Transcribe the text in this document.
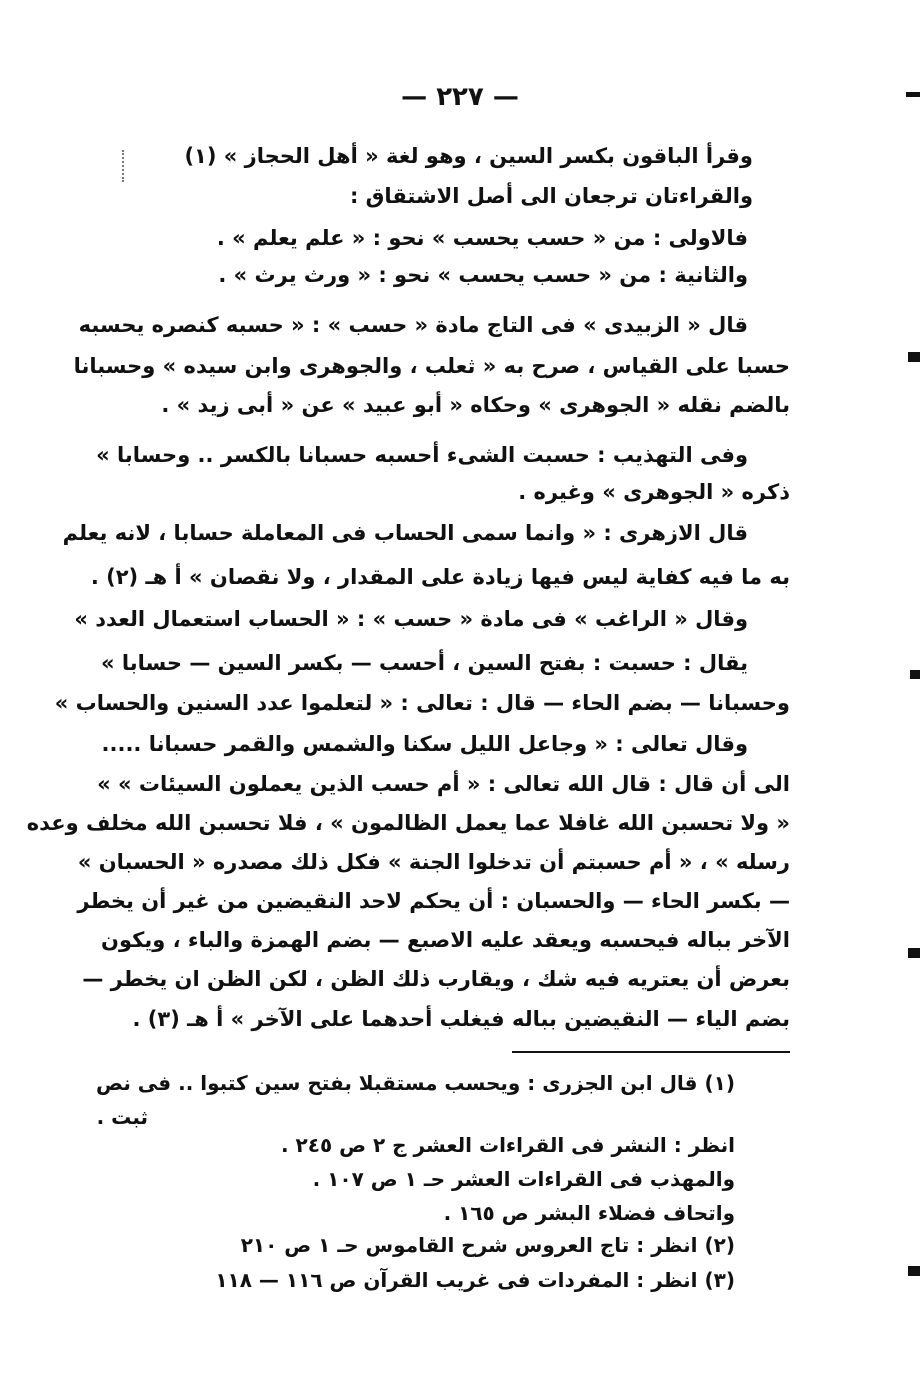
— ٢٢٧ —
وقرأ الباقون بكسر السين ، وهو لغة « أهل الحجاز » (١)
والقراءتان ترجعان الى أصل الاشتقاق :
فالاولى : من « حسب يحسب » نحو : « علم يعلم » .
والثانية : من « حسب يحسب » نحو : « ورث يرث » .
قال « الزبيدى » فى التاج مادة « حسب » : « حسبه كنصره يحسبه
حسبا على القياس ، صرح به « ثعلب ، والجوهرى وابن سيده » وحسبانا
بالضم نقله « الجوهرى » وحكاه « أبو عبيد » عن « أبى زيد » .
وفى التهذيب : حسبت الشىء أحسبه حسبانا بالكسر .. وحسابا »
ذكره « الجوهرى » وغيره .
قال الازهرى : « وانما سمى الحساب فى المعاملة حسابا ، لانه يعلم
به ما فيه كفاية ليس فيها زيادة على المقدار ، ولا نقصان » أ هـ (٢) .
وقال « الراغب » فى مادة « حسب » : « الحساب استعمال العدد »
يقال : حسبت : بفتح السين ، أحسب — بكسر السين — حسابا »
وحسبانا — بضم الحاء — قال : تعالى : « لتعلموا عدد السنين والحساب »
وقال تعالى : « وجاعل الليل سكنا والشمس والقمر حسبانا .....
الى أن قال : قال الله تعالى : « أم حسب الذين يعملون السيئات » »
« ولا تحسبن الله غافلا عما يعمل الظالمون » ، فلا تحسبن الله مخلف وعده
رسله » ، « أم حسبتم أن تدخلوا الجنة » فكل ذلك مصدره « الحسبان »
— بكسر الحاء — والحسبان : أن يحكم لاحد النقيضين من غير أن يخطر
الآخر بباله فيحسبه ويعقد عليه الاصبع — بضم الهمزة والباء ، ويكون
بعرض أن يعتريه فيه شك ، ويقارب ذلك الظن ، لكن الظن ان يخطر —
بضم الياء — النقيضين بباله فيغلب أحدهما على الآخر » أ هـ (٣) .
(١) قال ابن الجزرى : ويحسب مستقبلا بفتح سين كتبوا .. فى نص
ثبت .
انظر : النشر فى القراءات العشر ج ٢ ص ٢٤٥ .
والمهذب فى القراءات العشر حـ ١ ص ١٠٧ .
واتحاف فضلاء البشر ص ١٦٥ .
(٢) انظر : تاج العروس شرح القاموس حـ ١ ص ٢١٠
(٣) انظر : المفردات فى غريب القرآن ص ١١٦ — ١١٨
